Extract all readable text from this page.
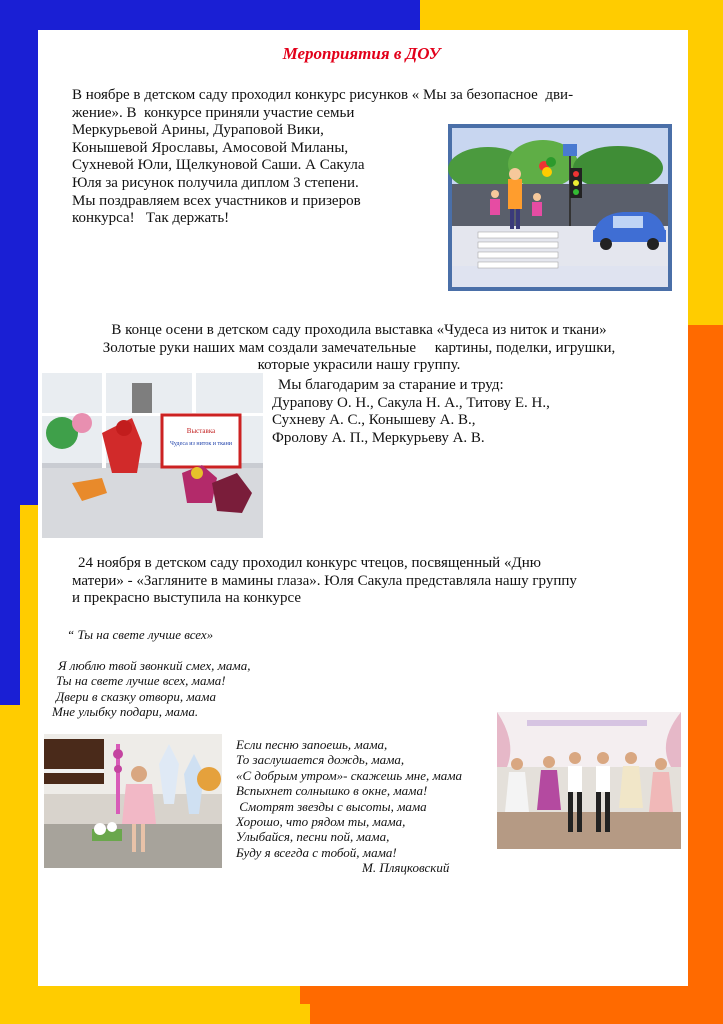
Мероприятия в ДОУ
В ноябре в детском саду проходил конкурс рисунков « Мы за безопасное  дви-
жение». В  конкурсе приняли участие семьи
Меркурьевой Арины, Дурaповой Вики,
Конышевой Ярославы, Амосовой Милaны,
Сухневой Юли, Щелкуновой Саши. А Сакула
Юля за рисунок получила диплом 3 степени.
Мы поздравляем всех участников и призеров
конкурса!   Так держать!
В конце осени в детском саду проходила выставка «Чудеса из ниток и ткани»
Золотые руки наших мам создали замечательные     картины, поделки, игрушки,
которые украсили нашу группу.
Мы благодарим за старание и труд:
Дурапову О. Н., Сакула Н. А., Титову Е. Н.,
Сухневу А. С., Конышеву А. В.,
Фролову А. П., Меркурьеву А. В.
Выставка
Чудеса из ниток и ткани
24 ноября в детском саду проходил конкурс чтецов, посвященный «Дню
матери» - «Загляните в мамины глаза». Юля Сакула представляла нашу группу
и прекрасно выступила на конкурсе
“ Ты на свете лучше всех»
Я люблю твой звонкий смех, мама,
Ты на свете лучше всех, мама!
Двери в сказку отвори, мама
Мне улыбку подари, мама.
Если песню запоешь, мама,
То заслушается дождь, мама,
«С добрым утром»- скажешь мне, мама
Вспыхнет солнышко в окне, мама!
Смотрят звезды с высоты, мама
Хорошо, что рядом ты, мама,
Улыбайся, песни пой, мама,
Буду я всегда с тобой, мама!
М. Пляцковский
